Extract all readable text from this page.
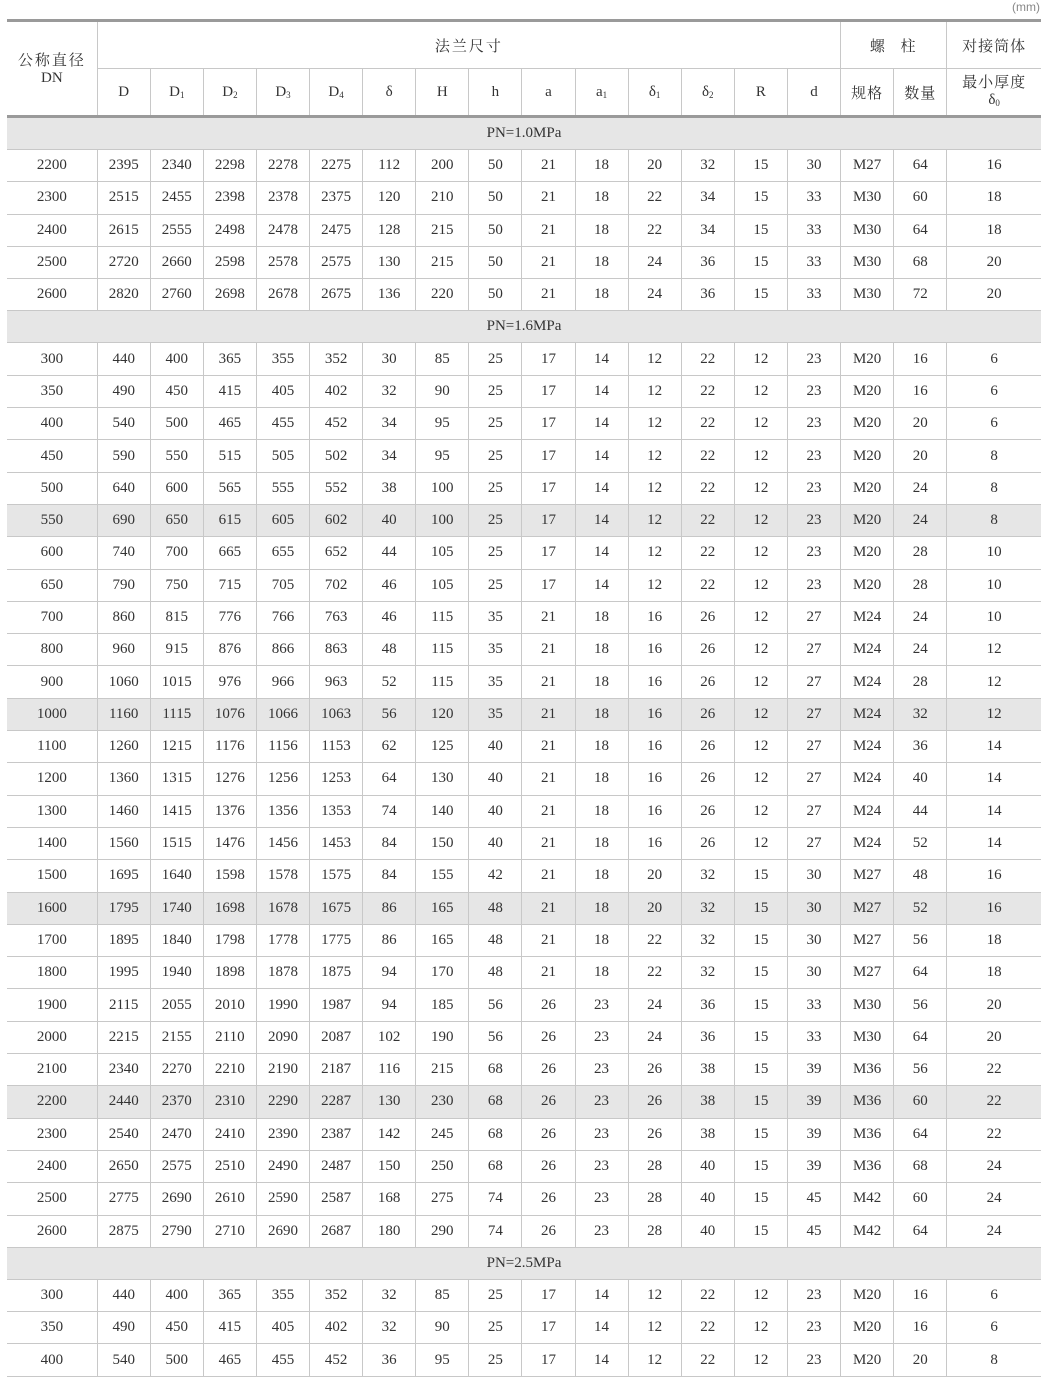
(mm)
公称直径
DN	法兰尺寸														螺  柱		对接筒体
	D	$D_1$	$D_2$	$D_3$	$D_4$	δ	H	h	a	$a_1$	$\delta_1$	$\delta_2$	R	d	规格	数量	最小厚度
$\delta_0$

PN=1.0MPa																	
2200	2395	2340	2298	2278	2275	112	200	50	21	18	20	32	15	30	M27	64	16
2300	2515	2455	2398	2378	2375	120	210	50	21	18	22	34	15	33	M30	60	18
2400	2615	2555	2498	2478	2475	128	215	50	21	18	22	34	15	33	M30	64	18
2500	2720	2660	2598	2578	2575	130	215	50	21	18	24	36	15	33	M30	68	20
2600	2820	2760	2698	2678	2675	136	220	50	21	18	24	36	15	33	M30	72	20
PN=1.6MPa																	
300	440	400	365	355	352	30	85	25	17	14	12	22	12	23	M20	16	6
350	490	450	415	405	402	32	90	25	17	14	12	22	12	23	M20	16	6
400	540	500	465	455	452	34	95	25	17	14	12	22	12	23	M20	20	6
450	590	550	515	505	502	34	95	25	17	14	12	22	12	23	M20	20	8
500	640	600	565	555	552	38	100	25	17	14	12	22	12	23	M20	24	8
550	690	650	615	605	602	40	100	25	17	14	12	22	12	23	M20	24	8
600	740	700	665	655	652	44	105	25	17	14	12	22	12	23	M20	28	10
650	790	750	715	705	702	46	105	25	17	14	12	22	12	23	M20	28	10
700	860	815	776	766	763	46	115	35	21	18	16	26	12	27	M24	24	10
800	960	915	876	866	863	48	115	35	21	18	16	26	12	27	M24	24	12
900	1060	1015	976	966	963	52	115	35	21	18	16	26	12	27	M24	28	12
1000	1160	1115	1076	1066	1063	56	120	35	21	18	16	26	12	27	M24	32	12
1100	1260	1215	1176	1156	1153	62	125	40	21	18	16	26	12	27	M24	36	14
1200	1360	1315	1276	1256	1253	64	130	40	21	18	16	26	12	27	M24	40	14
1300	1460	1415	1376	1356	1353	74	140	40	21	18	16	26	12	27	M24	44	14
1400	1560	1515	1476	1456	1453	84	150	40	21	18	16	26	12	27	M24	52	14
1500	1695	1640	1598	1578	1575	84	155	42	21	18	20	32	15	30	M27	48	16
1600	1795	1740	1698	1678	1675	86	165	48	21	18	20	32	15	30	M27	52	16
1700	1895	1840	1798	1778	1775	86	165	48	21	18	22	32	15	30	M27	56	18
1800	1995	1940	1898	1878	1875	94	170	48	21	18	22	32	15	30	M27	64	18
1900	2115	2055	2010	1990	1987	94	185	56	26	23	24	36	15	33	M30	56	20
2000	2215	2155	2110	2090	2087	102	190	56	26	23	24	36	15	33	M30	64	20
2100	2340	2270	2210	2190	2187	116	215	68	26	23	26	38	15	39	M36	56	22
2200	2440	2370	2310	2290	2287	130	230	68	26	23	26	38	15	39	M36	60	22
2300	2540	2470	2410	2390	2387	142	245	68	26	23	26	38	15	39	M36	64	22
2400	2650	2575	2510	2490	2487	150	250	68	26	23	28	40	15	39	M36	68	24
2500	2775	2690	2610	2590	2587	168	275	74	26	23	28	40	15	45	M42	60	24
2600	2875	2790	2710	2690	2687	180	290	74	26	23	28	40	15	45	M42	64	24
PN=2.5MPa																	
300	440	400	365	355	352	32	85	25	17	14	12	22	12	23	M20	16	6
350	490	450	415	405	402	32	90	25	17	14	12	22	12	23	M20	16	6
400	540	500	465	455	452	36	95	25	17	14	12	22	12	23	M20	20	8
